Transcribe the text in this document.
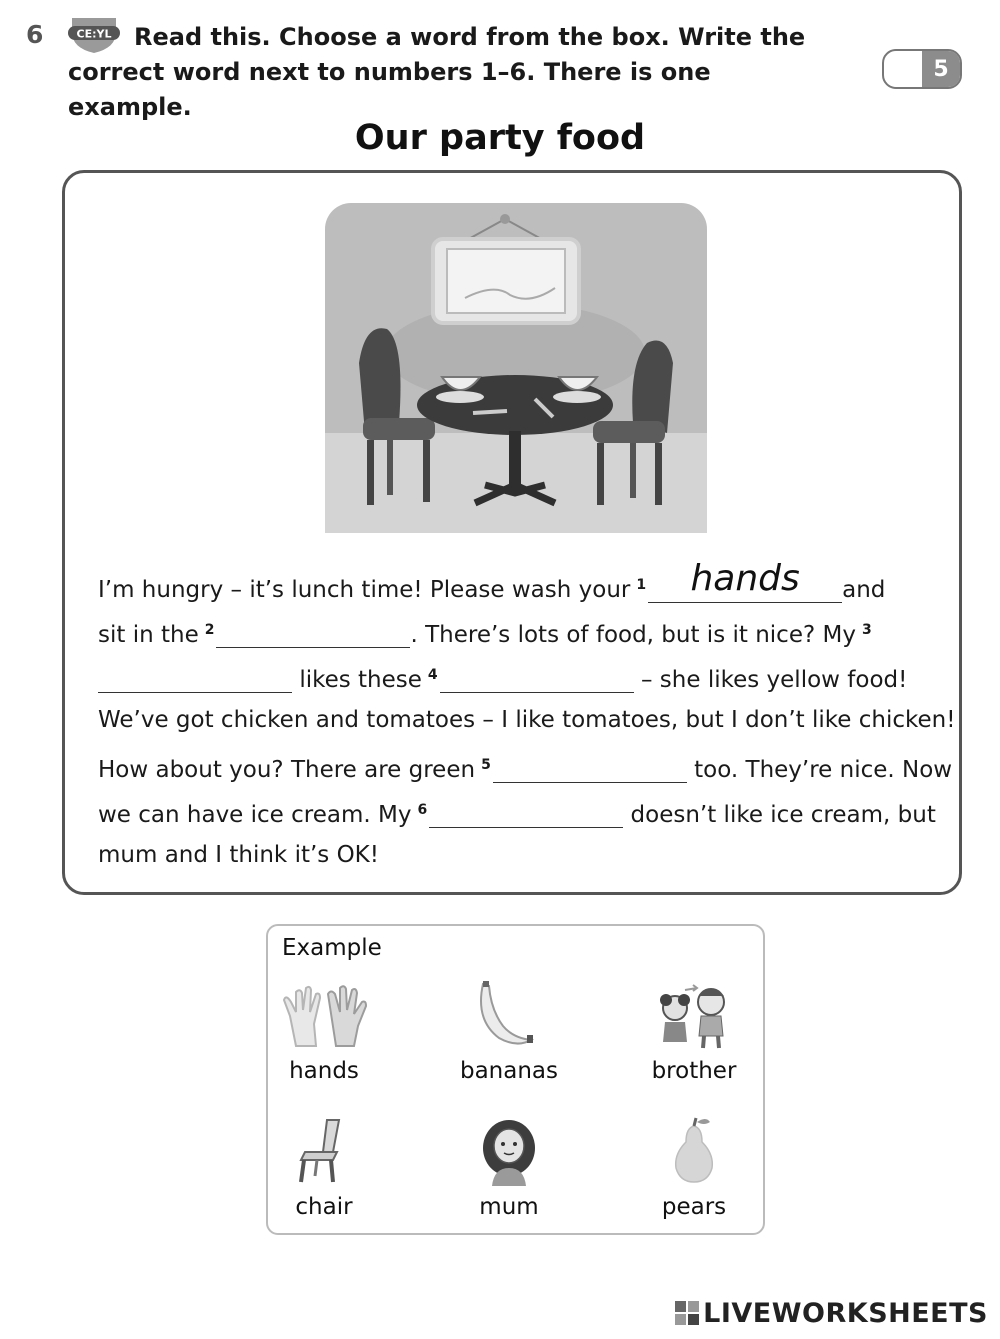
6	CE:YL Read this. Choose a word from the box. Write the
correct word next to numbers 1–6. There is one example.
5
Our party food
I’m hungry – it’s lunch time! Please wash your $^1$	hands	and
sit in the $^2$	. There’s lots of food, but is it nice? My $^3$
likes these $^4$	– she likes yellow food!
We’ve got chicken and tomatoes – I like tomatoes, but I don’t like chicken!
How about you? There are green $^5$	too. They’re nice. Now
we can have ice cream. My $^6$	doesn’t like ice cream, but
mum and I think it’s OK!
Example
hands	bananas	brother
chair	mum	pears
LIVEWORKSHEETS
